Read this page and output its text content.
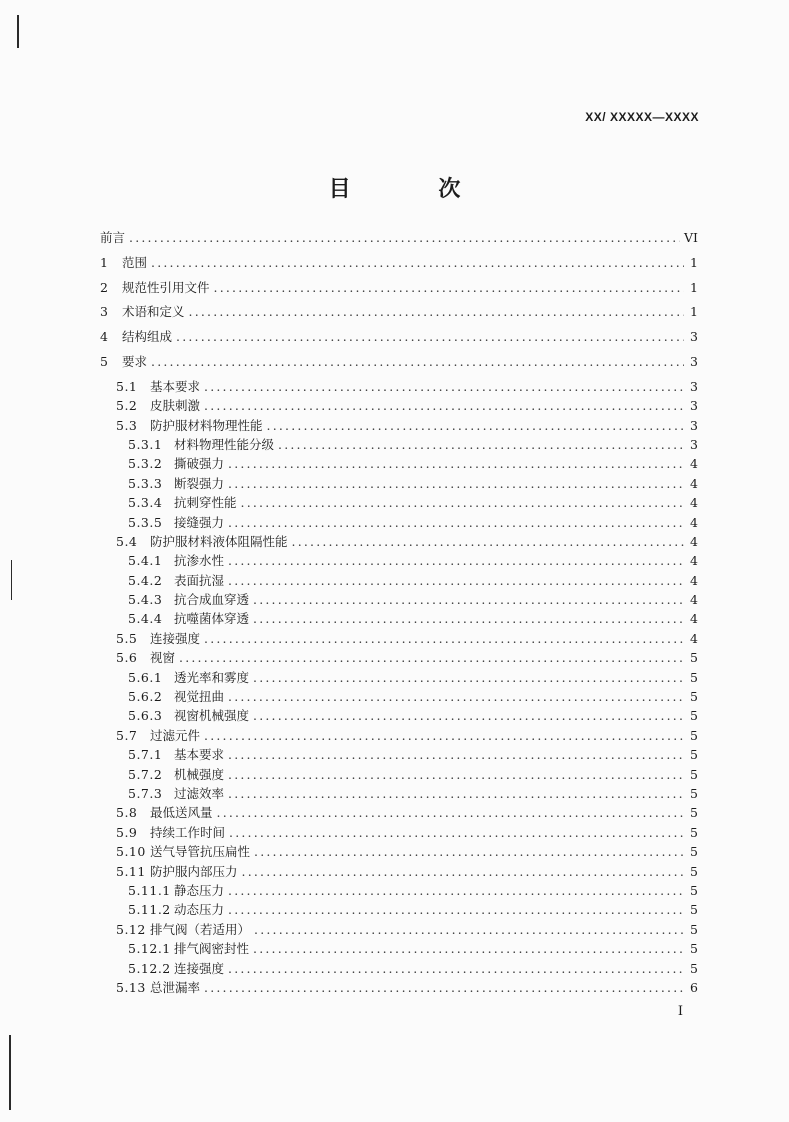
XX/ XXXXX—XXXX
目 次
前言 .....	VI
1	范围 .....	1
2	规范性引用文件 .....	1
3	术语和定义 .....	1
4	结构组成 .....	3
5	要求 .....	3
5.1	基本要求 .....	3
5.2	皮肤刺激 .....	3
5.3	防护服材料物理性能 .....	3
5.3.1 材料物理性能分级 .....	3
5.3.2 撕破强力 .....	4
5.3.3 断裂强力 .....	4
5.3.4 抗刺穿性能 .....	4
5.3.5 接缝强力 .....	4
5.4	防护服材料液体阻隔性能 .....	4
5.4.1 抗渗水性 .....	4
5.4.2 表面抗湿 .....	4
5.4.3 抗合成血穿透 .....	4
5.4.4 抗噬菌体穿透 .....	4
5.5	连接强度 .....	4
5.6	视窗 .....	5
5.6.1 透光率和雾度 .....	5
5.6.2 视觉扭曲 .....	5
5.6.3 视窗机械强度 .....	5
5.7	过滤元件 .....	5
5.7.1 基本要求 .....	5
5.7.2 机械强度 .....	5
5.7.3 过滤效率 .....	5
5.8	最低送风量 .....	5
5.9	持续工作时间 .....	5
5.10 送气导管抗压扁性 .....	5
5.11 防护服内部压力 .....	5
5.11.1 静态压力 .....	5
5.11.2 动态压力 .....	5
5.12 排气阀（若适用） .....	5
5.12.1 排气阀密封性 .....	5
5.12.2 连接强度 .....	5
5.13 总泄漏率 .....	6
I
